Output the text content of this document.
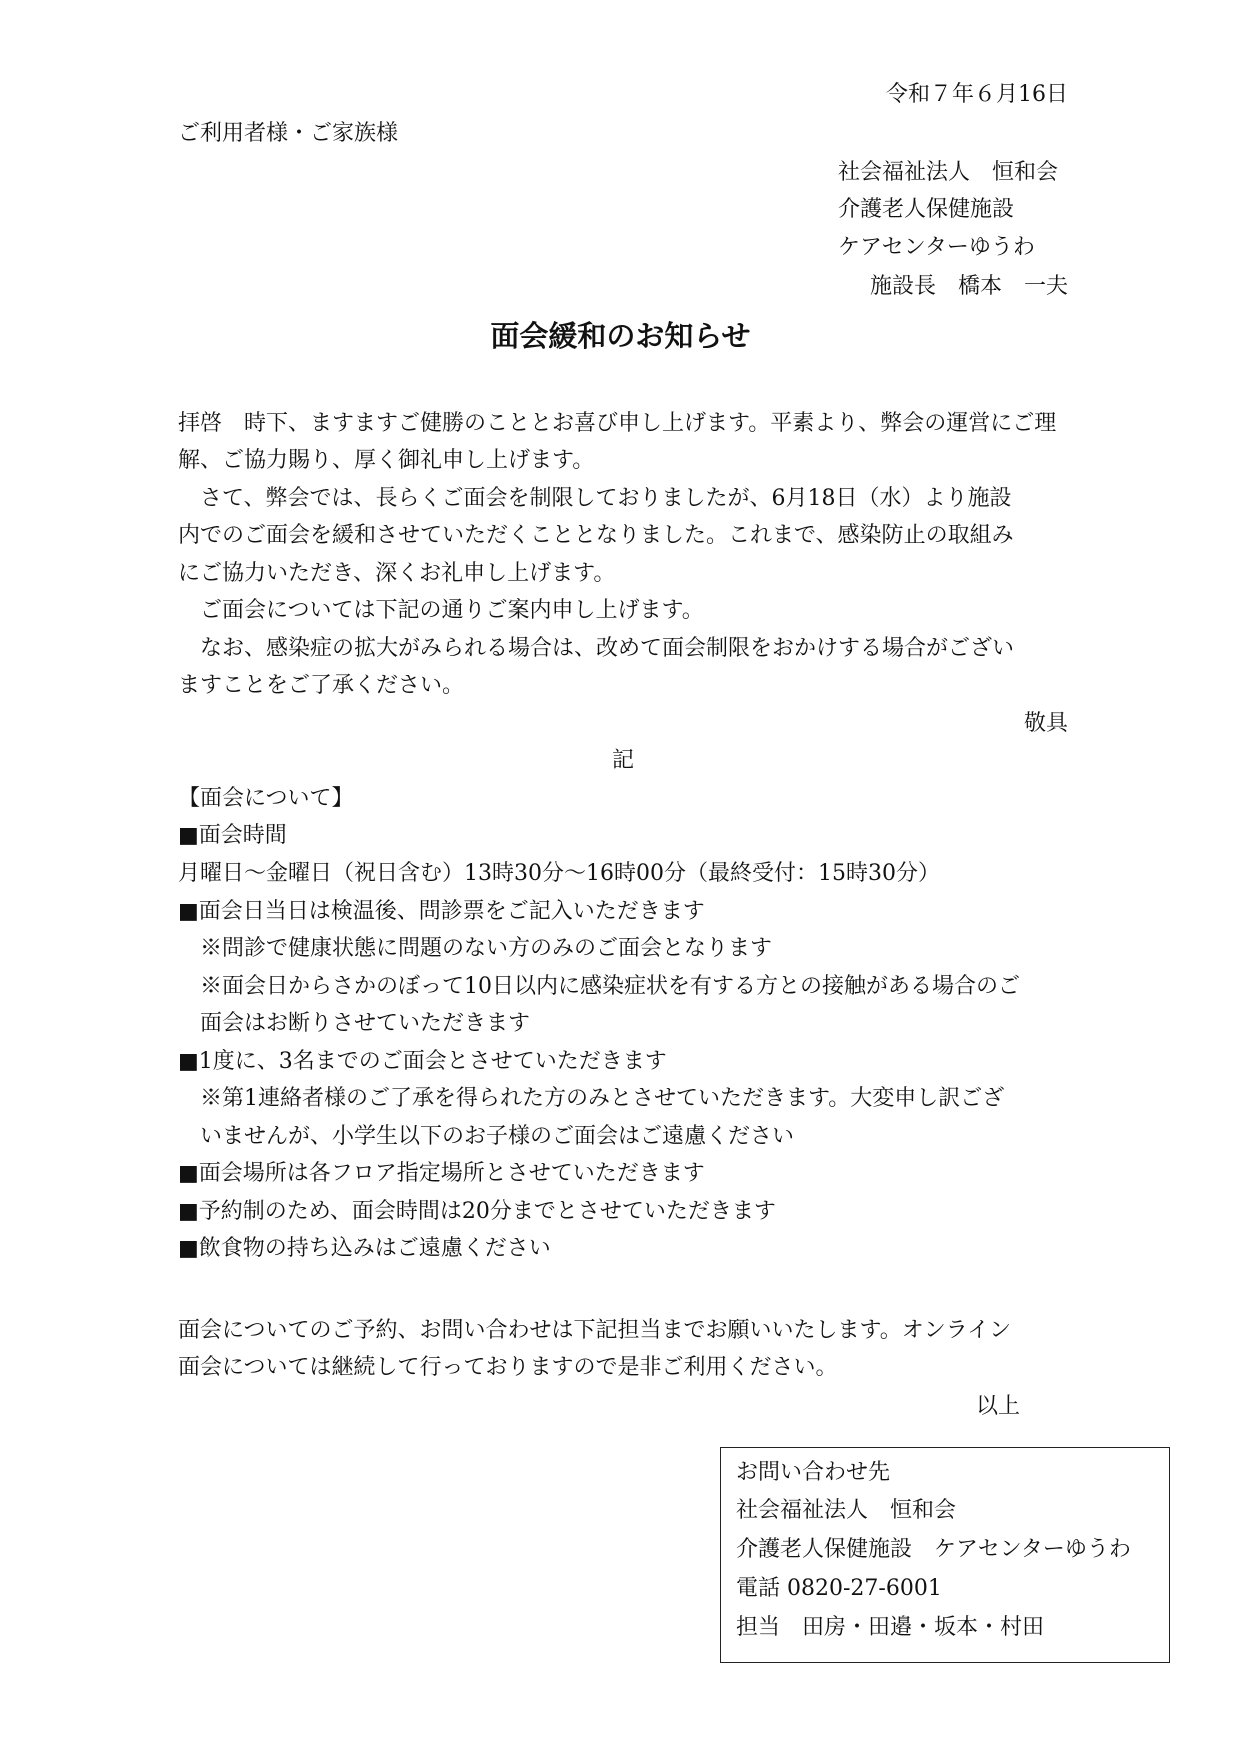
令和７年６月16日
ご利用者様・ご家族様
社会福祉法人　恒和会
介護老人保健施設
ケアセンターゆうわ
施設長　橋本　一夫
面会緩和のお知らせ
拝啓　時下、ますますご健勝のこととお喜び申し上げます。平素より、弊会の運営にご理
解、ご協力賜り、厚く御礼申し上げます。
　さて、弊会では、長らくご面会を制限しておりましたが、6月18日（水）より施設
内でのご面会を緩和させていただくこととなりました。これまで、感染防止の取組み
にご協力いただき、深くお礼申し上げます。
　ご面会については下記の通りご案内申し上げます。
　なお、感染症の拡大がみられる場合は、改めて面会制限をおかけする場合がござい
ますことをご了承ください。
敬具
記
【面会について】
■面会時間
月曜日～金曜日（祝日含む）13時30分～16時00分（最終受付：15時30分）
■面会日当日は検温後、問診票をご記入いただきます
　※問診で健康状態に問題のない方のみのご面会となります
　※面会日からさかのぼって10日以内に感染症状を有する方との接触がある場合のご
　面会はお断りさせていただきます
■1度に、3名までのご面会とさせていただきます
　※第1連絡者様のご了承を得られた方のみとさせていただきます。大変申し訳ござ
　いませんが、小学生以下のお子様のご面会はご遠慮ください
■面会場所は各フロア指定場所とさせていただきます
■予約制のため、面会時間は20分までとさせていただきます
■飲食物の持ち込みはご遠慮ください
面会についてのご予約、お問い合わせは下記担当までお願いいたします。オンライン
面会については継続して行っておりますので是非ご利用ください。
以上
お問い合わせ先
社会福祉法人　恒和会
介護老人保健施設　ケアセンターゆうわ
電話 0820-27-6001
担当　田房・田邉・坂本・村田
